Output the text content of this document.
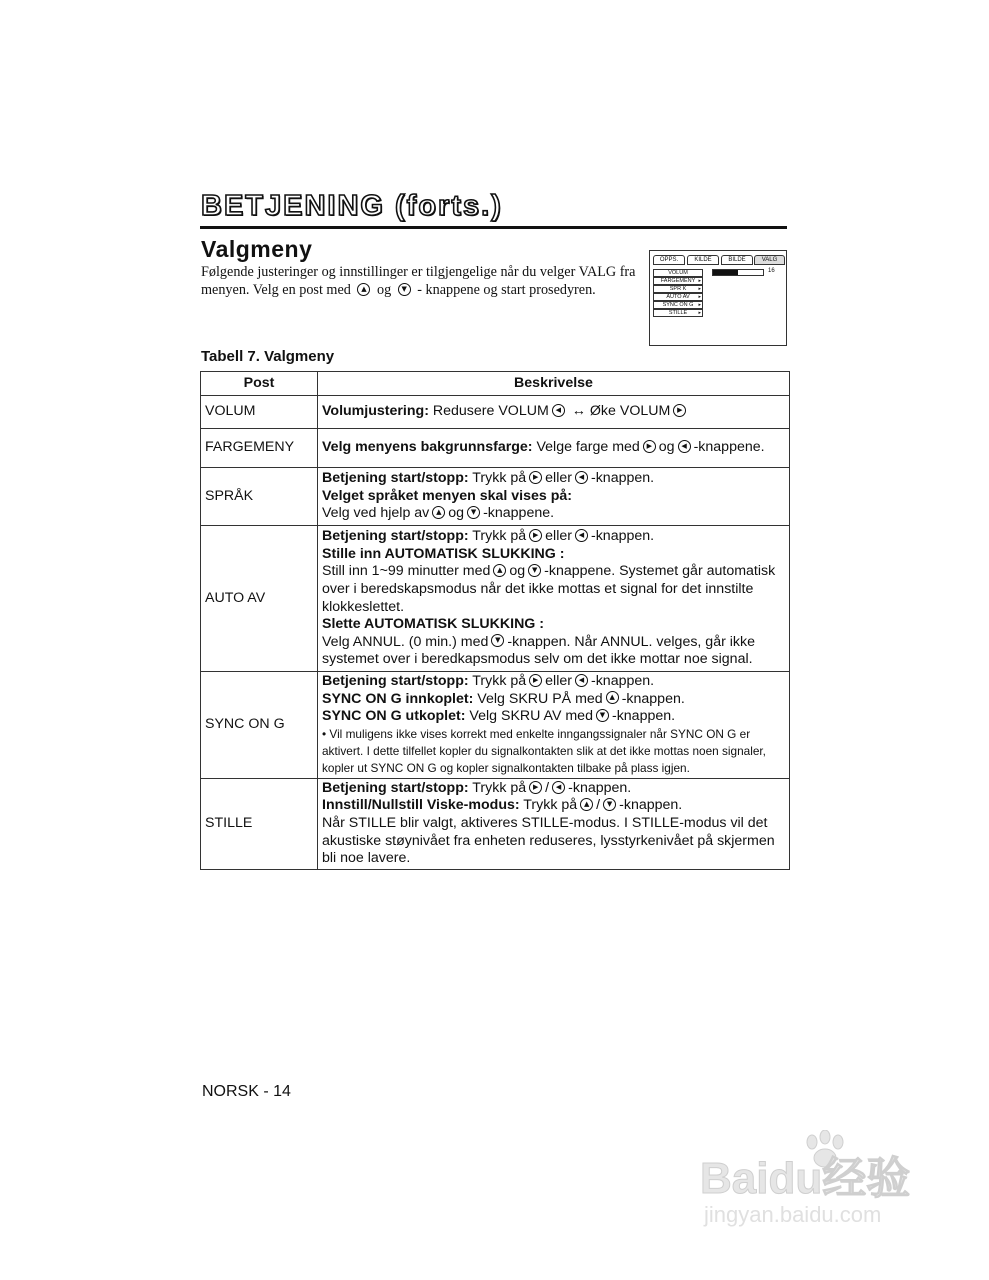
BETJENING (forts.)
Valgmeny
Følgende justeringer og innstillinger er tilgjengelige når du velger VALG fra menyen. Velg en post med ▲ og ▼ - knappene og start prosedyren.
OPPS.	KILDE	BILDE	VALG
VOLUM
FARGEMENY ▸
SPR K ▸
AUTO AV ▸
SYNC ON G ▸
STILLE ▸
16
Tabell 7. Valgmeny
Post	Beskrivelse
VOLUM	Volumjustering: Redusere VOLUM ◀ ↔ Øke VOLUM ▶
FARGEMENY	Velg menyens bakgrunnsfarge: Velge farge med ▶ og ◀ -knappene.
SPRÅK	Betjening start/stopp: Trykk på ▶ eller ◀ -knappen.
Velget språket menyen skal vises på:
Velg ved hjelp av ▲ og ▼ -knappene.
AUTO AV	Betjening start/stopp: Trykk på ▶ eller ◀ -knappen.
Stille inn AUTOMATISK SLUKKING :
Still inn 1~99 minutter med ▲ og ▼ -knappene. Systemet går automatisk over i beredskapsmodus når det ikke mottas et signal for det innstilte klokkeslettet.
Slette AUTOMATISK SLUKKING :
Velg ANNUL. (0 min.) med ▼ -knappen. Når ANNUL. velges, går ikke systemet over i beredkapsmodus selv om det ikke mottar noe signal.
SYNC ON G	Betjening start/stopp: Trykk på ▶ eller ◀ -knappen.
SYNC ON G innkoplet: Velg SKRU PÅ med ▲ -knappen.
SYNC ON G utkoplet: Velg SKRU AV med ▼ -knappen.

• Vil muligens ikke vises korrekt med enkelte inngangssignaler når SYNC ON G er aktivert. I dette tilfellet kopler du signalkontakten slik at det ikke mottas noen signaler, kopler ut SYNC ON G og kopler signalkontakten tilbake på plass igjen.

STILLE	Betjening start/stopp: Trykk på ▶ / ◀ -knappen.
Innstill/Nullstill Viske-modus: Trykk på ▲ / ▼ -knappen.
Når STILLE blir valgt, aktiveres STILLE-modus. I STILLE-modus vil det akustiske støynivået fra enheten reduseres, lysstyrkenivået på skjermen bli noe lavere.
NORSK - 14
Baidu经验
jingyan.baidu.com
